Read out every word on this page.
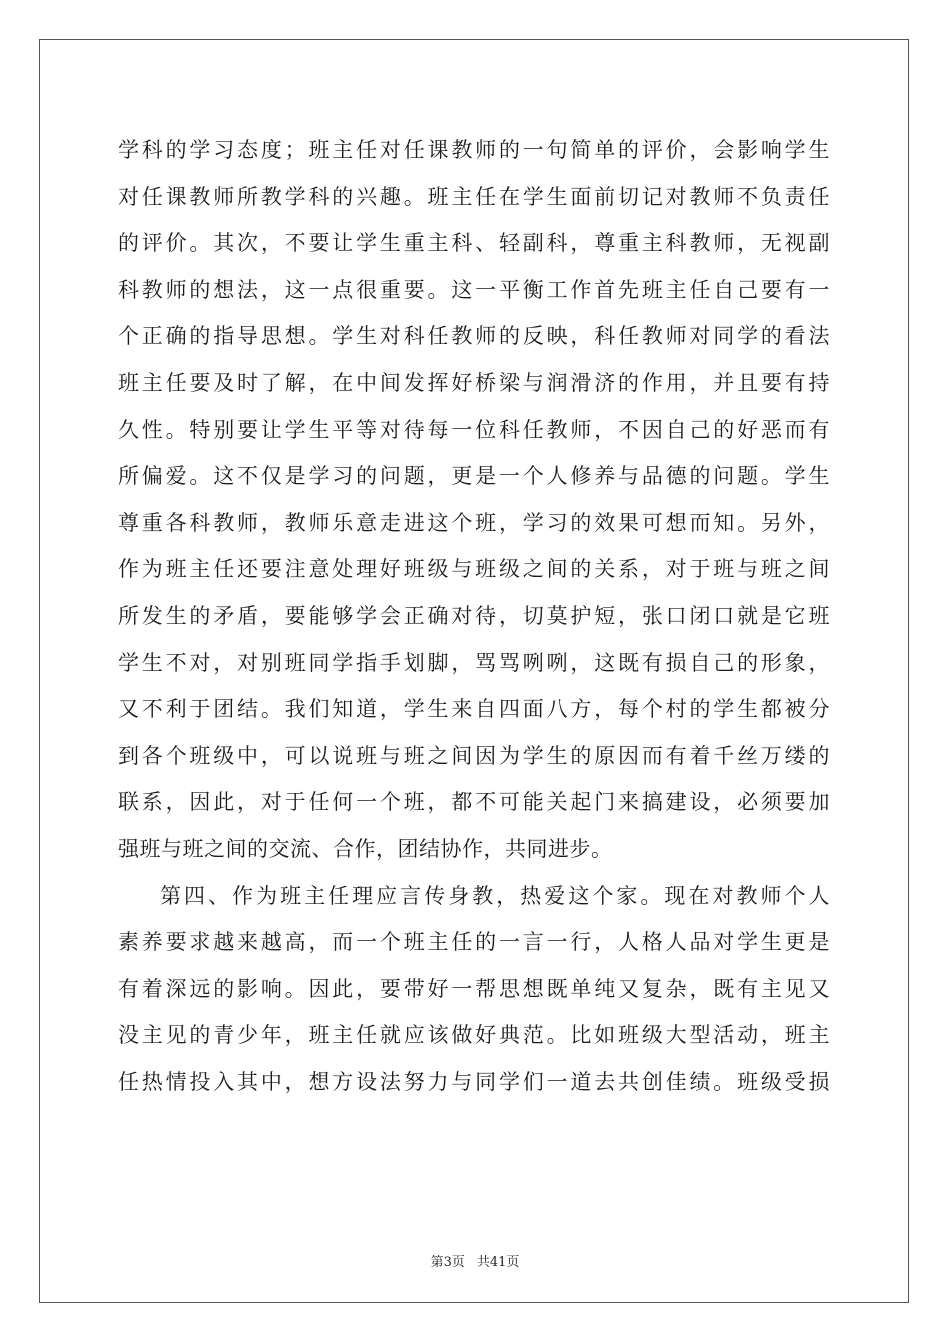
学科的学习态度；班主任对任课教师的一句简单的评价，会影响学生
对任课教师所教学科的兴趣。班主任在学生面前切记对教师不负责任
的评价。其次，不要让学生重主科、轻副科，尊重主科教师，无视副
科教师的想法，这一点很重要。这一平衡工作首先班主任自己要有一
个正确的指导思想。学生对科任教师的反映，科任教师对同学的看法
班主任要及时了解，在中间发挥好桥梁与润滑济的作用，并且要有持
久性。特别要让学生平等对待每一位科任教师，不因自己的好恶而有
所偏爱。这不仅是学习的问题，更是一个人修养与品德的问题。学生
尊重各科教师，教师乐意走进这个班，学习的效果可想而知。另外，
作为班主任还要注意处理好班级与班级之间的关系，对于班与班之间
所发生的矛盾，要能够学会正确对待，切莫护短，张口闭口就是它班
学生不对，对别班同学指手划脚，骂骂咧咧，这既有损自己的形象，
又不利于团结。我们知道，学生来自四面八方，每个村的学生都被分
到各个班级中，可以说班与班之间因为学生的原因而有着千丝万缕的
联系，因此，对于任何一个班，都不可能关起门来搞建设，必须要加
强班与班之间的交流、合作，团结协作，共同进步。
第四、作为班主任理应言传身教，热爱这个家。现在对教师个人
素养要求越来越高，而一个班主任的一言一行，人格人品对学生更是
有着深远的影响。因此，要带好一帮思想既单纯又复杂，既有主见又
没主见的青少年，班主任就应该做好典范。比如班级大型活动，班主
任热情投入其中，想方设法努力与同学们一道去共创佳绩。班级受损
第3页 共41页
